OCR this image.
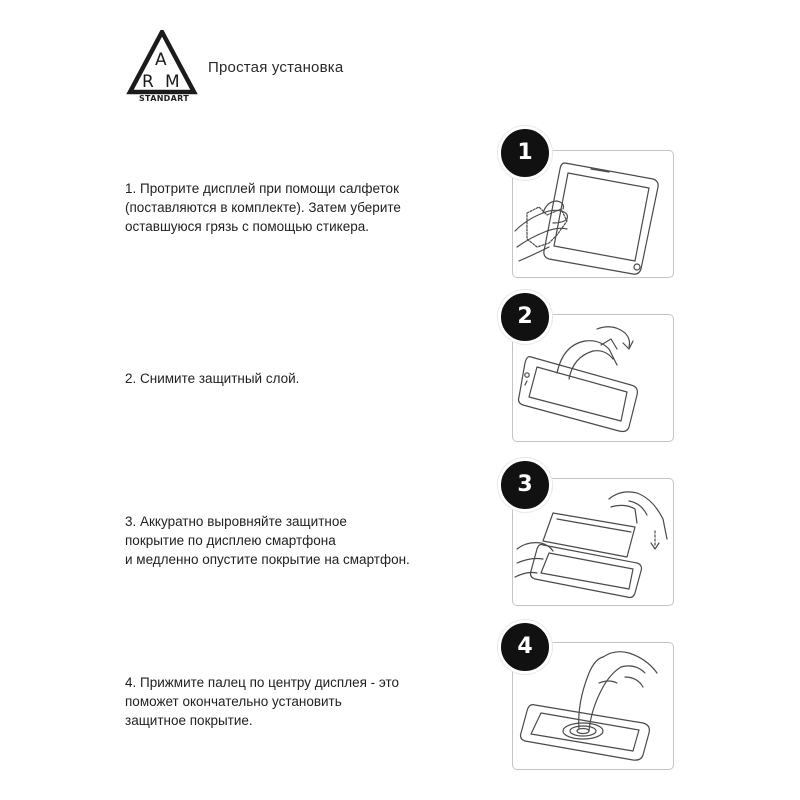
A
R M
STANDART
Простая установка
1. Протрите дисплей при помощи салфеток
(поставляются в комплекте). Затем уберите
оставшуюся грязь с помощью стикера.
1
2. Снимите защитный слой.
2
3. Аккуратно выровняйте защитное
покрытие по дисплею смартфона
и медленно опустите покрытие на смартфон.
3
4. Прижмите палец по центру дисплея - это
поможет окончательно установить
защитное покрытие.
4
